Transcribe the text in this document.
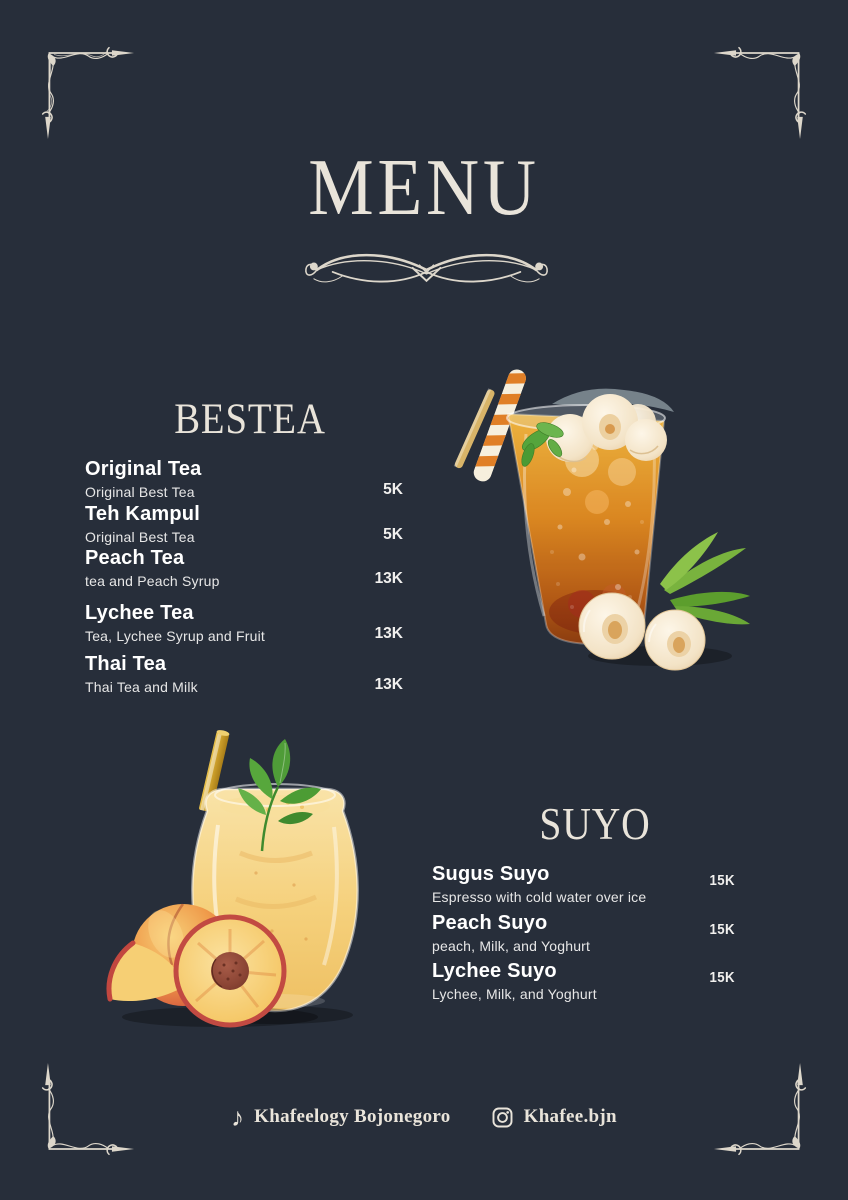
MENU
BESTEA
Original Tea
Original Best Tea	5K
Teh Kampul
Original Best Tea	5K
Peach Tea
tea and Peach Syrup	13K
Lychee Tea
Tea, Lychee Syrup and Fruit	13K
Thai Tea
Thai Tea and Milk	13K
SUYO
Sugus Suyo
Espresso with cold water over ice
15K
Peach Suyo
peach, Milk, and Yoghurt
15K
Lychee Suyo
Lychee, Milk, and Yoghurt
15K
♪ Khafeelogy Bojonegoro	Khafee.bjn
